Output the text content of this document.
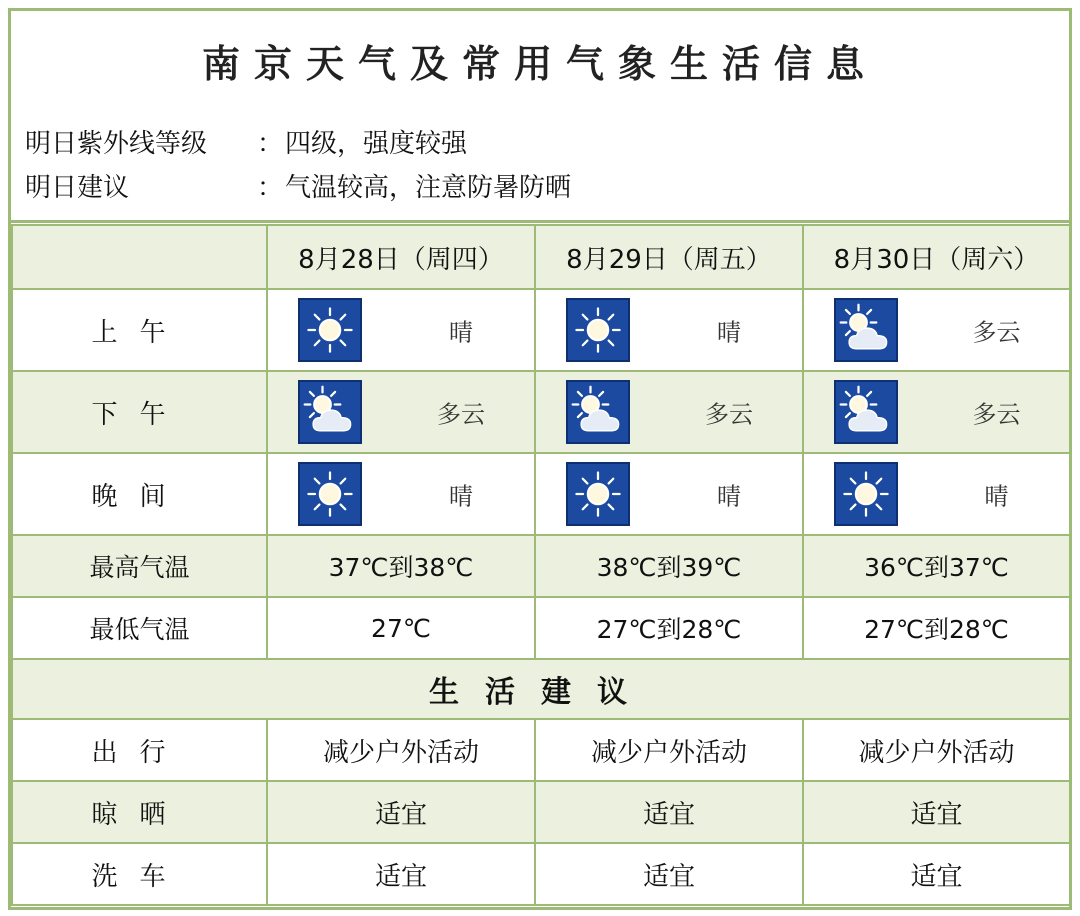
南京天气及常用气象生活信息
明日紫外线等级 ：四级，强度较强
明日建议	：气温较高，注意防暑防晒
	8月28日（周四）	8月29日（周五）	8月30日（周六）
上午	晴	晴	多云

下午	多云	多云	多云

晚间	晴	晴	晴

最高气温	37℃到38℃	38℃到39℃	36℃到37℃
最低气温	27℃	27℃到28℃	27℃到28℃
生活建议			
出行	减少户外活动	减少户外活动	减少户外活动
晾晒	适宜	适宜	适宜
洗车	适宜	适宜	适宜
